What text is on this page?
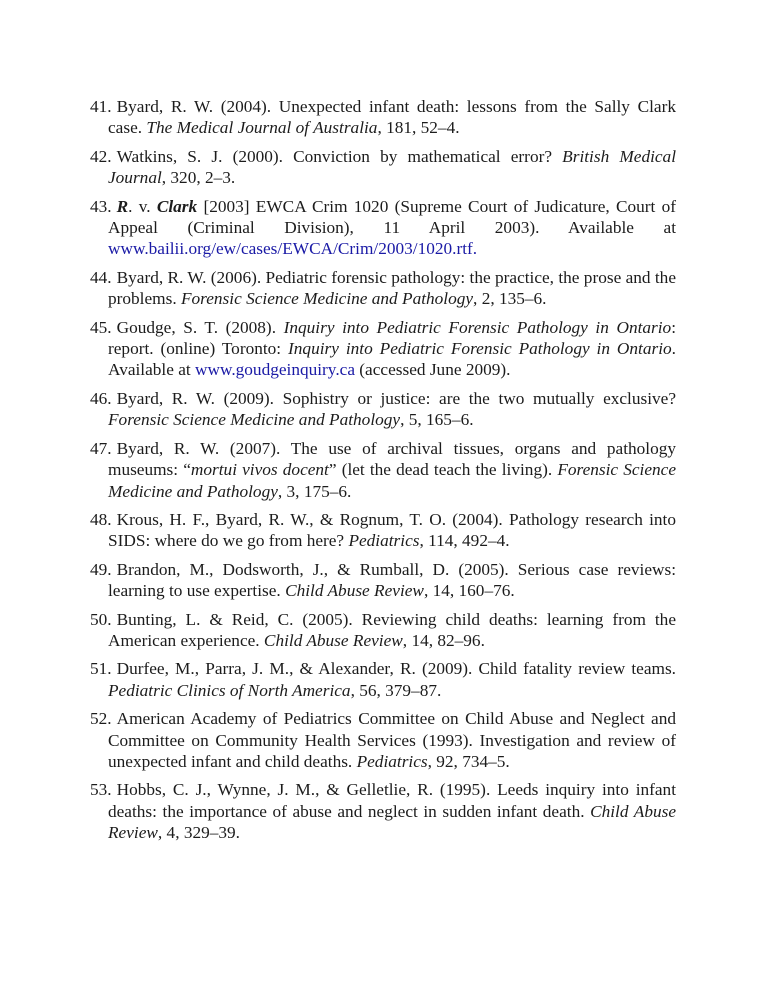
41. Byard, R. W. (2004). Unexpected infant death: lessons from the Sally Clark case. The Medical Journal of Australia, 181, 52–4.

42. Watkins, S. J. (2000). Conviction by mathematical error? British Medical Journal, 320, 2–3.

43. R. v. Clark [2003] EWCA Crim 1020 (Supreme Court of Judicature, Court of Appeal (Criminal Division), 11 April 2003). Available at www.bailii.org/ew/cases/EWCA/Crim/2003/1020.rtf.

44. Byard, R. W. (2006). Pediatric forensic pathology: the practice, the prose and the problems. Forensic Science Medicine and Pathology, 2, 135–6.

45. Goudge, S. T. (2008). Inquiry into Pediatric Forensic Pathology in Ontario: report. (online) Toronto: Inquiry into Pediatric Forensic Pathology in Ontario. Available at www.goudgeinquiry.ca (accessed June 2009).

46. Byard, R. W. (2009). Sophistry or justice: are the two mutually exclusive? Forensic Science Medicine and Pathology, 5, 165–6.

47. Byard, R. W. (2007). The use of archival tissues, organs and pathology museums: “mortui vivos docent” (let the dead teach the living). Forensic Science Medicine and Pathology, 3, 175–6.

48. Krous, H. F., Byard, R. W., & Rognum, T. O. (2004). Pathology research into SIDS: where do we go from here? Pediatrics, 114, 492–4.

49. Brandon, M., Dodsworth, J., & Rumball, D. (2005). Serious case reviews: learning to use expertise. Child Abuse Review, 14, 160–76.

50. Bunting, L. & Reid, C. (2005). Reviewing child deaths: learning from the American experience. Child Abuse Review, 14, 82–96.

51. Durfee, M., Parra, J. M., & Alexander, R. (2009). Child fatality review teams. Pediatric Clinics of North America, 56, 379–87.

52. American Academy of Pediatrics Committee on Child Abuse and Neglect and Committee on Community Health Services (1993). Investigation and review of unexpected infant and child deaths. Pediatrics, 92, 734–5.

53. Hobbs, C. J., Wynne, J. M., & Gelletlie, R. (1995). Leeds inquiry into infant deaths: the importance of abuse and neglect in sudden infant death. Child Abuse Review, 4, 329–39.
